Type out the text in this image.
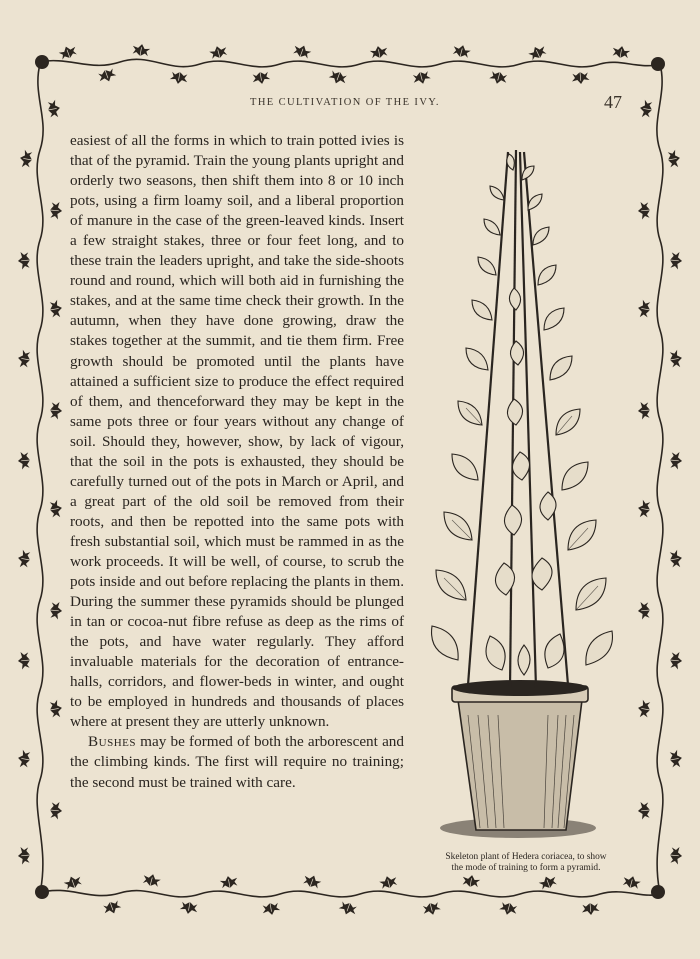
THE CULTIVATION OF THE IVY.	47

easiest of all the forms in which to train potted ivies is that of the pyramid. Train the young plants upright and orderly two seasons, then shift them into 8 or 10 inch pots, using a firm loamy soil, and a liberal proportion of manure in the case of the green-leaved kinds. Insert a few straight stakes, three or four feet long, and to these train the leaders upright, and take the side-shoots round and round, which will both aid in furnishing the stakes, and at the same time check their growth. In the autumn, when they have done growing, draw the stakes together at the summit, and tie them firm. Free growth should be promoted until the plants have attained a sufficient size to produce the effect required of them, and thenceforward they may be kept in the same pots three or four years without any change of soil. Should they, however, show, by lack of vigour, that the soil in the pots is exhausted, they should be carefully turned out of the pots in March or April, and a great part of the old soil be removed from their roots, and then be repotted into the same pots with fresh substantial soil, which must be rammed in as the work proceeds. It will be well, of course, to scrub the pots inside and out before replacing the plants in them. During the summer these pyramids should be plunged in tan or cocoa-nut fibre refuse as deep as the rims of the pots, and have water regularly. They afford invaluable materials for the decoration of entrance-halls, corridors, and flower-beds in winter, and ought to be employed in hundreds and thousands of places where at present they are utterly unknown.

Bushes may be formed of both the arborescent and the climbing kinds. The first will require no training; the second must be trained with care.

Skeleton plant of Hedera coriacea, to show
the mode of training to form a pyramid.
